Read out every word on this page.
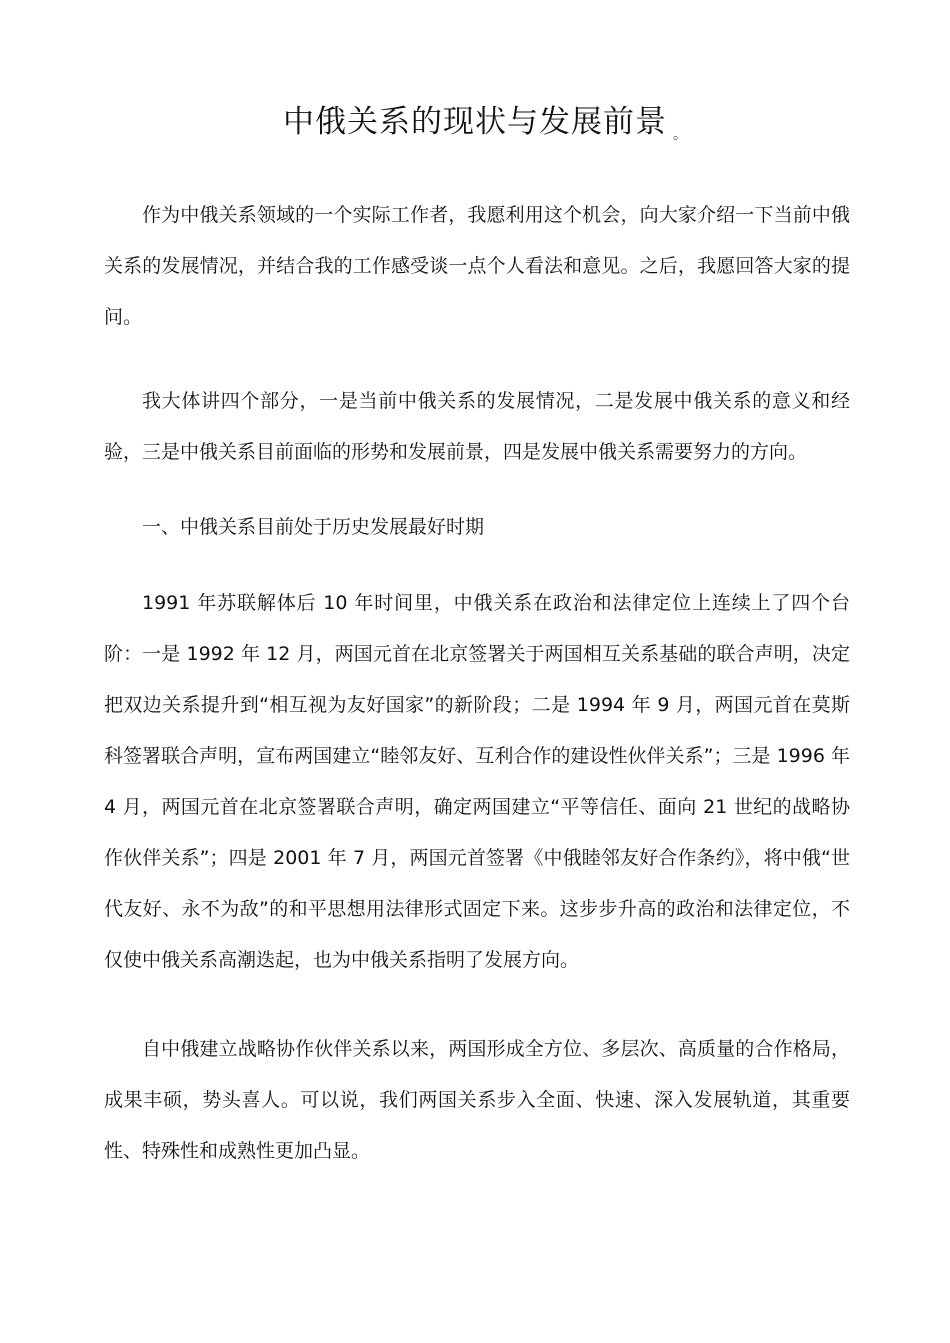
中俄关系的现状与发展前景 。

作为中俄关系领域的一个实际工作者，我愿利用这个机会，向大家介绍一下当前中俄关系的发展情况，并结合我的工作感受谈一点个人看法和意见。之后，我愿回答大家的提问。

我大体讲四个部分，一是当前中俄关系的发展情况，二是发展中俄关系的意义和经验，三是中俄关系目前面临的形势和发展前景，四是发展中俄关系需要努力的方向。

一、中俄关系目前处于历史发展最好时期

1991 年苏联解体后 10 年时间里，中俄关系在政治和法律定位上连续上了四个台阶：一是 1992 年 12 月，两国元首在北京签署关于两国相互关系基础的联合声明，决定把双边关系提升到“相互视为友好国家”的新阶段；二是 1994 年 9 月，两国元首在莫斯科签署联合声明，宣布两国建立“睦邻友好、互利合作的建设性伙伴关系”；三是 1996 年 4 月，两国元首在北京签署联合声明，确定两国建立“平等信任、面向 21 世纪的战略协作伙伴关系”；四是 2001 年 7 月，两国元首签署《中俄睦邻友好合作条约》，将中俄“世代友好、永不为敌”的和平思想用法律形式固定下来。这步步升高的政治和法律定位，不仅使中俄关系高潮迭起，也为中俄关系指明了发展方向。

自中俄建立战略协作伙伴关系以来，两国形成全方位、多层次、高质量的合作格局，成果丰硕，势头喜人。可以说，我们两国关系步入全面、快速、深入发展轨道，其重要性、特殊性和成熟性更加凸显。
